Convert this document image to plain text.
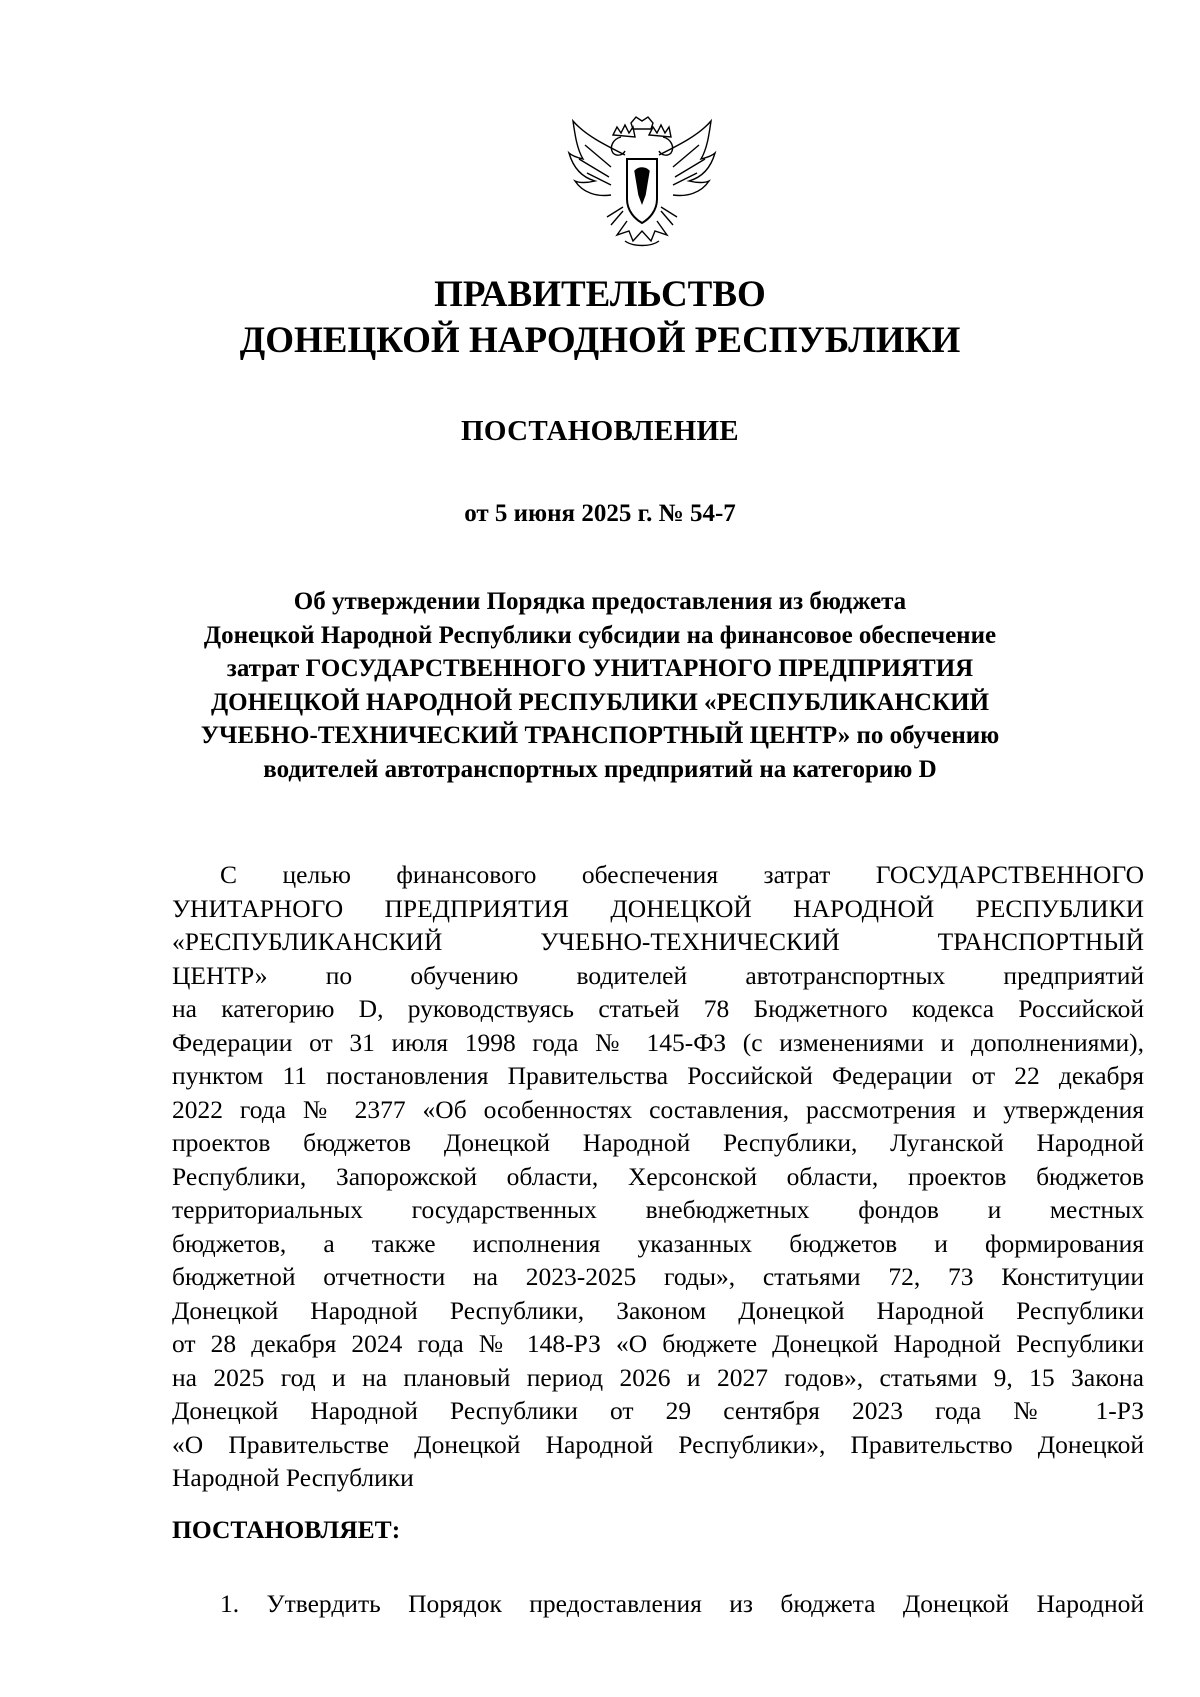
ПРАВИТЕЛЬСТВО
ДОНЕЦКОЙ НАРОДНОЙ РЕСПУБЛИКИ
ПОСТАНОВЛЕНИЕ
от 5 июня 2025 г. № 54-7
Об утверждении Порядка предоставления из бюджета
Донецкой Народной Республики субсидии на финансовое обеспечение
затрат ГОСУДАРСТВЕННОГО УНИТАРНОГО ПРЕДПРИЯТИЯ
ДОНЕЦКОЙ НАРОДНОЙ РЕСПУБЛИКИ «РЕСПУБЛИКАНСКИЙ
УЧЕБНО-ТЕХНИЧЕСКИЙ ТРАНСПОРТНЫЙ ЦЕНТР» по обучению
водителей автотранспортных предприятий на категорию D
С целью финансового обеспечения затрат ГОСУДАРСТВЕННОГО
УНИТАРНОГО ПРЕДПРИЯТИЯ ДОНЕЦКОЙ НАРОДНОЙ РЕСПУБЛИКИ
«РЕСПУБЛИКАНСКИЙ УЧЕБНО-ТЕХНИЧЕСКИЙ ТРАНСПОРТНЫЙ
ЦЕНТР» по обучению водителей автотранспортных предприятий
на категорию D, руководствуясь статьей 78 Бюджетного кодекса Российской
Федерации от 31 июля 1998 года № 145-ФЗ (с изменениями и дополнениями),
пунктом 11 постановления Правительства Российской Федерации от 22 декабря
2022 года № 2377 «Об особенностях составления, рассмотрения и утверждения
проектов бюджетов Донецкой Народной Республики, Луганской Народной
Республики, Запорожской области, Херсонской области, проектов бюджетов
территориальных государственных внебюджетных фондов и местных
бюджетов, а также исполнения указанных бюджетов и формирования
бюджетной отчетности на 2023-2025 годы», статьями 72, 73 Конституции
Донецкой Народной Республики, Законом Донецкой Народной Республики
от 28 декабря 2024 года № 148-РЗ «О бюджете Донецкой Народной Республики
на 2025 год и на плановый период 2026 и 2027 годов», статьями 9, 15 Закона
Донецкой Народной Республики от 29 сентября 2023 года № 1-РЗ
«О Правительстве Донецкой Народной Республики», Правительство Донецкой
Народной Республики
ПОСТАНОВЛЯЕТ:
1. Утвердить Порядок предоставления из бюджета Донецкой Народной
